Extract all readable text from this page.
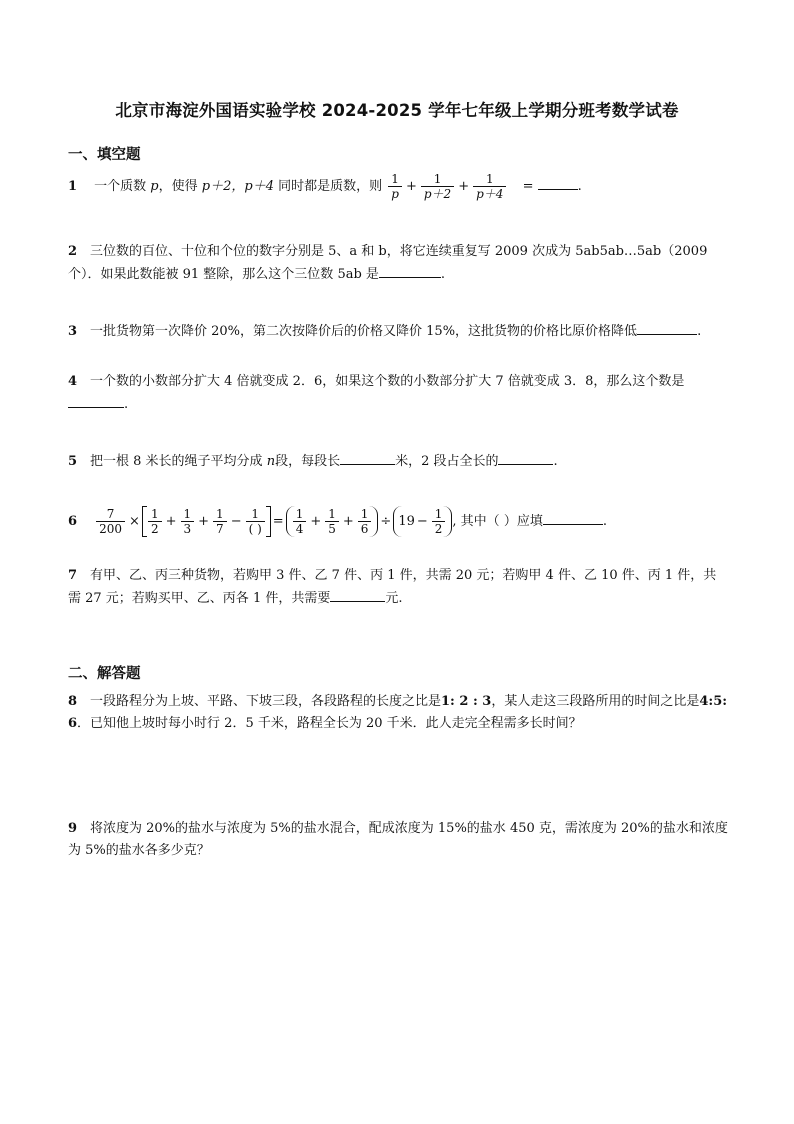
北京市海淀外国语实验学校 2024-2025 学年七年级上学期分班考数学试卷
一、填空题
1 一个质数 p，使得 p＋2，p＋4 同时都是质数，则 $\frac{1}{p} + \frac{1}{p+2} + \frac{1}{p+4}$ =	.
2 三位数的百位、十位和个位的数字分别是 5、a 和 b，将它连续重复写 2009 次成为 5ab5ab…5ab（2009 个）．如果此数能被 91 整除，那么这个三位数 5ab 是	.
3 一批货物第一次降价 20%，第二次按降价后的价格又降价 15%，这批货物的价格比原价格降低	.
4 一个数的小数部分扩大 4 倍就变成 2．6，如果这个数的小数部分扩大 7 倍就变成 3．8，那么这个数是.
5 把一根 8 米长的绳子平均分成 n段，每段长	米，2 段占全长的	.
$6 \frac{7}{200} \times \frac{1}{2} + \frac{1}{3} + \frac{1}{7} - \frac{1}{( )} = \frac{1}{4} + \frac{1}{5} + \frac{1}{6} \div 19 - \frac{1}{2}$ , 其中（ ）应填	.
7 有甲、乙、丙三种货物，若购甲 3 件、乙 7 件、丙 1 件，共需 20 元；若购甲 4 件、乙 10 件、丙 1 件，共需 27 元；若购买甲、乙、丙各 1 件，共需要	元.
二、解答题
8 一段路程分为上坡、平路、下坡三段，各段路程的长度之比是1: 2 : 3，某人走这三段路所用的时间之比是4:5: 6．已知他上坡时每小时行 2．5 千米，路程全长为 20 千米．此人走完全程需多长时间？
9 将浓度为 20%的盐水与浓度为 5%的盐水混合，配成浓度为 15%的盐水 450 克，需浓度为 20%的盐水和浓度为 5%的盐水各多少克？
